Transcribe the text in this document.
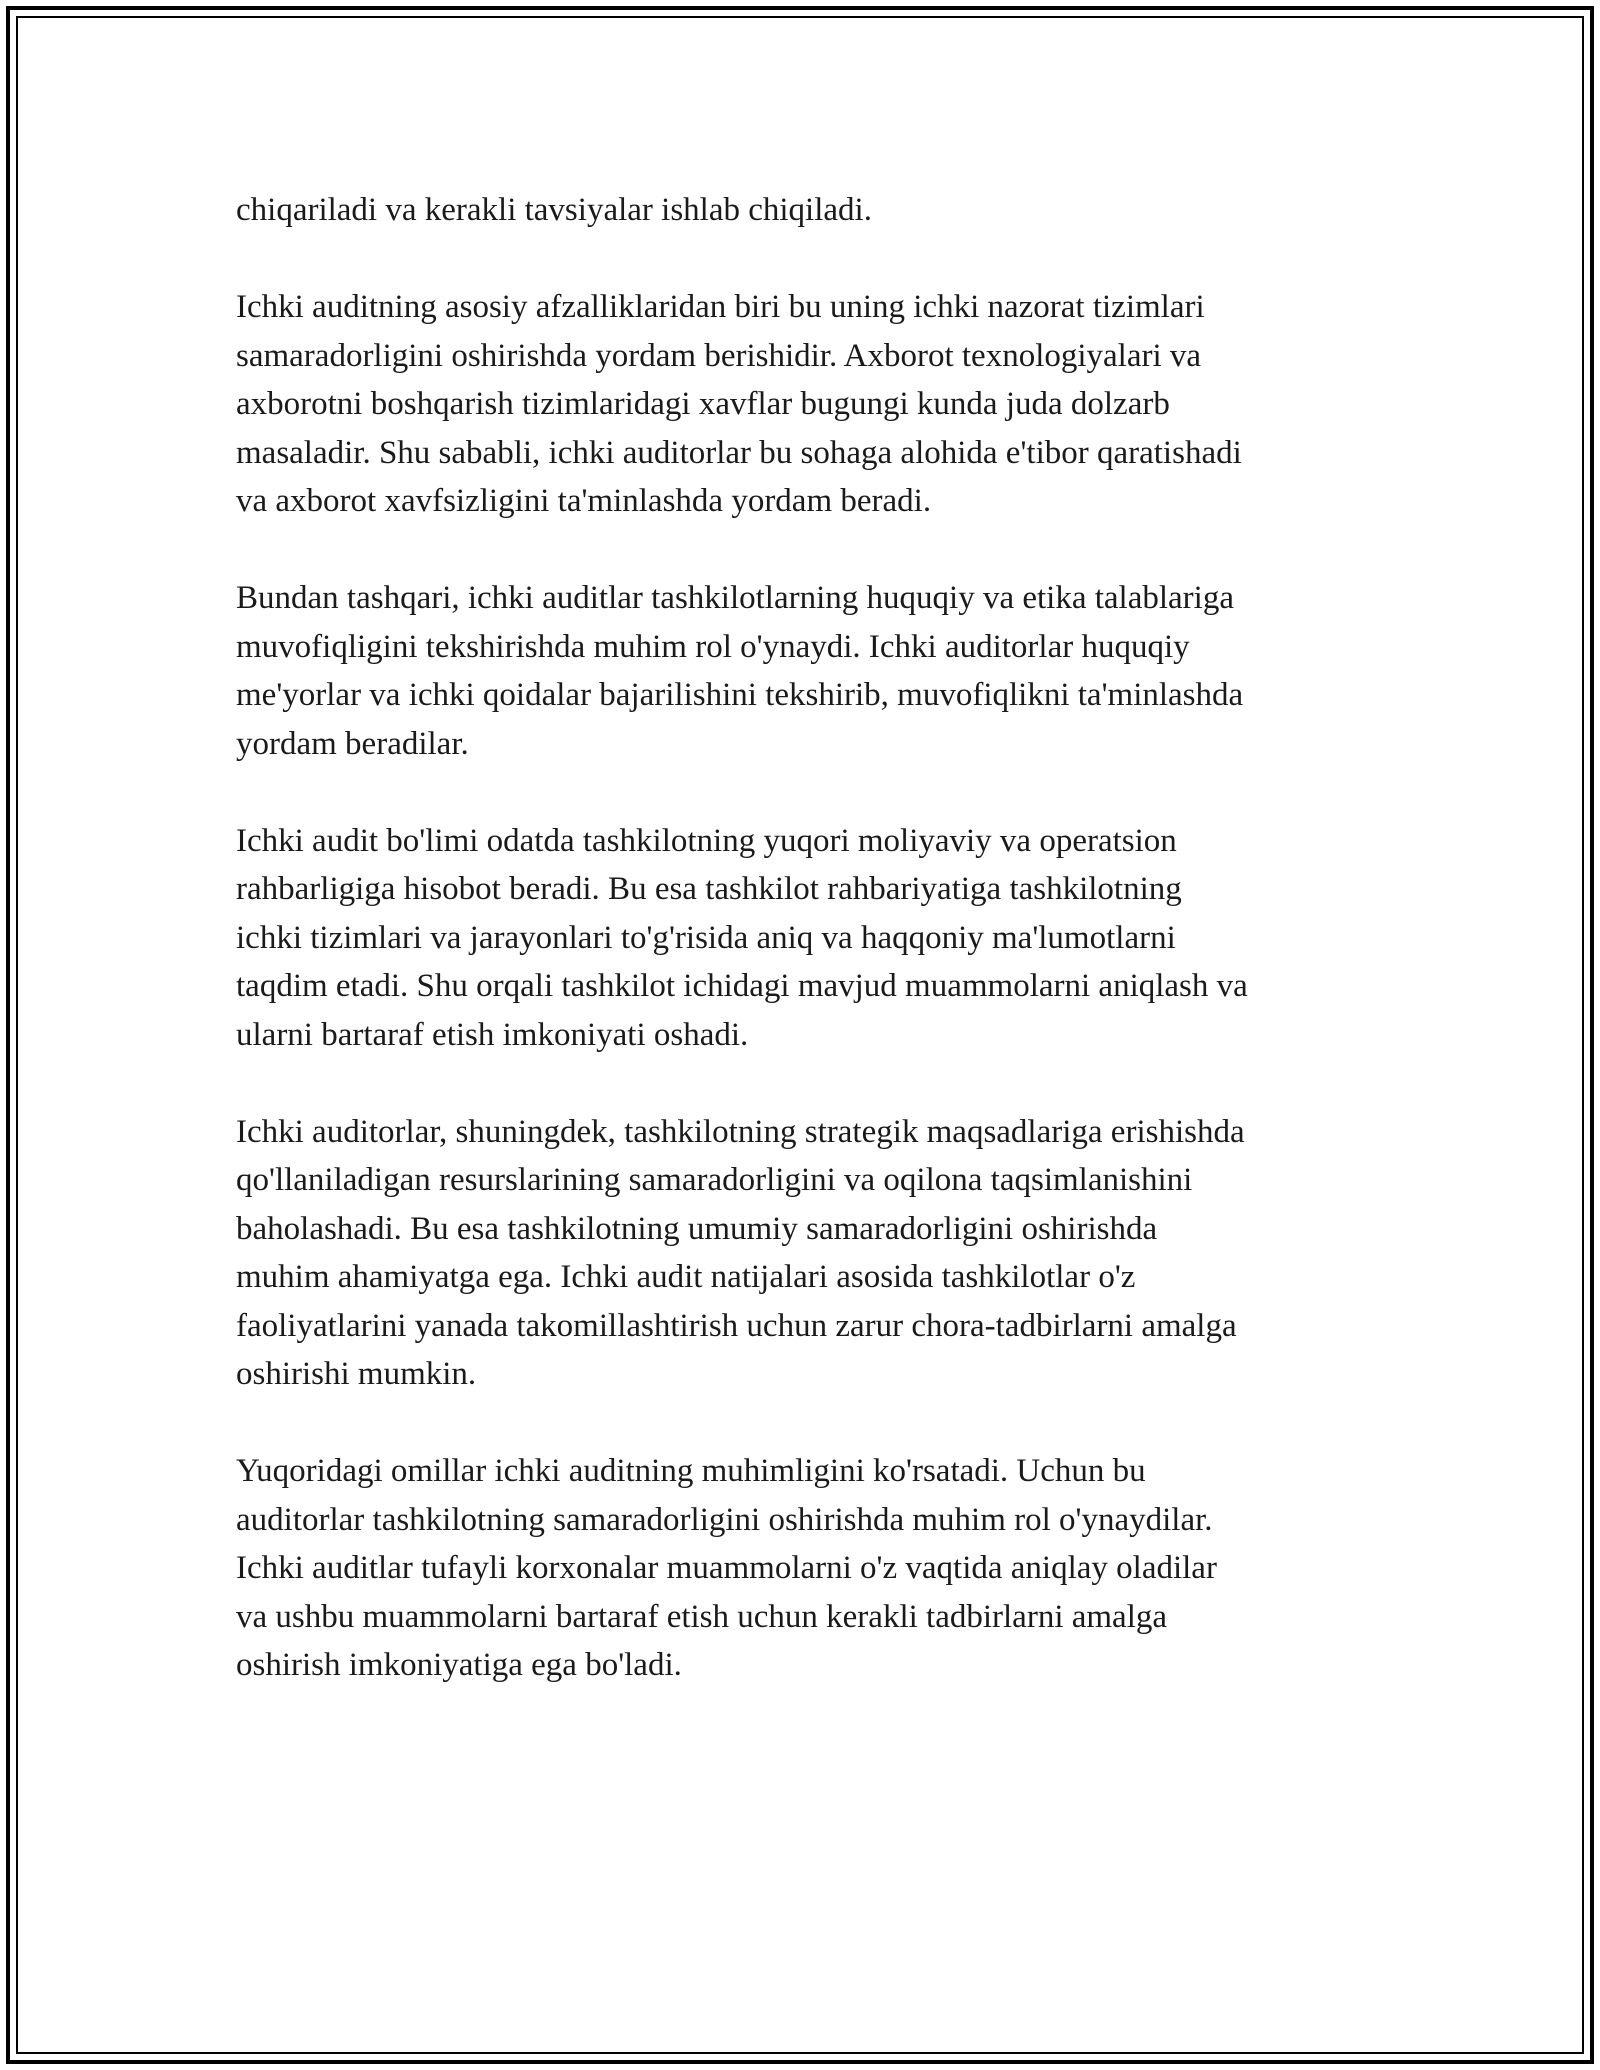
chiqariladi va kerakli tavsiyalar ishlab chiqiladi.

Ichki auditning asosiy afzalliklaridan biri bu uning ichki nazorat tizimlari
samaradorligini oshirishda yordam berishidir. Axborot texnologiyalari va
axborotni boshqarish tizimlaridagi xavflar bugungi kunda juda dolzarb
masaladir. Shu sababli, ichki auditorlar bu sohaga alohida e'tibor qaratishadi
va axborot xavfsizligini ta'minlashda yordam beradi.

Bundan tashqari, ichki auditlar tashkilotlarning huquqiy va etika talablariga
muvofiqligini tekshirishda muhim rol o'ynaydi. Ichki auditorlar huquqiy
me'yorlar va ichki qoidalar bajarilishini tekshirib, muvofiqlikni ta'minlashda
yordam beradilar.

Ichki audit bo'limi odatda tashkilotning yuqori moliyaviy va operatsion
rahbarligiga hisobot beradi. Bu esa tashkilot rahbariyatiga tashkilotning
ichki tizimlari va jarayonlari to'g'risida aniq va haqqoniy ma'lumotlarni
taqdim etadi. Shu orqali tashkilot ichidagi mavjud muammolarni aniqlash va
ularni bartaraf etish imkoniyati oshadi.

Ichki auditorlar, shuningdek, tashkilotning strategik maqsadlariga erishishda
qo'llaniladigan resurslarining samaradorligini va oqilona taqsimlanishini
baholashadi. Bu esa tashkilotning umumiy samaradorligini oshirishda
muhim ahamiyatga ega. Ichki audit natijalari asosida tashkilotlar o'z
faoliyatlarini yanada takomillashtirish uchun zarur chora-tadbirlarni amalga
oshirishi mumkin.

Yuqoridagi omillar ichki auditning muhimligini ko'rsatadi. Uchun bu
auditorlar tashkilotning samaradorligini oshirishda muhim rol o'ynaydilar.
Ichki auditlar tufayli korxonalar muammolarni o'z vaqtida aniqlay oladilar
va ushbu muammolarni bartaraf etish uchun kerakli tadbirlarni amalga
oshirish imkoniyatiga ega bo'ladi.
